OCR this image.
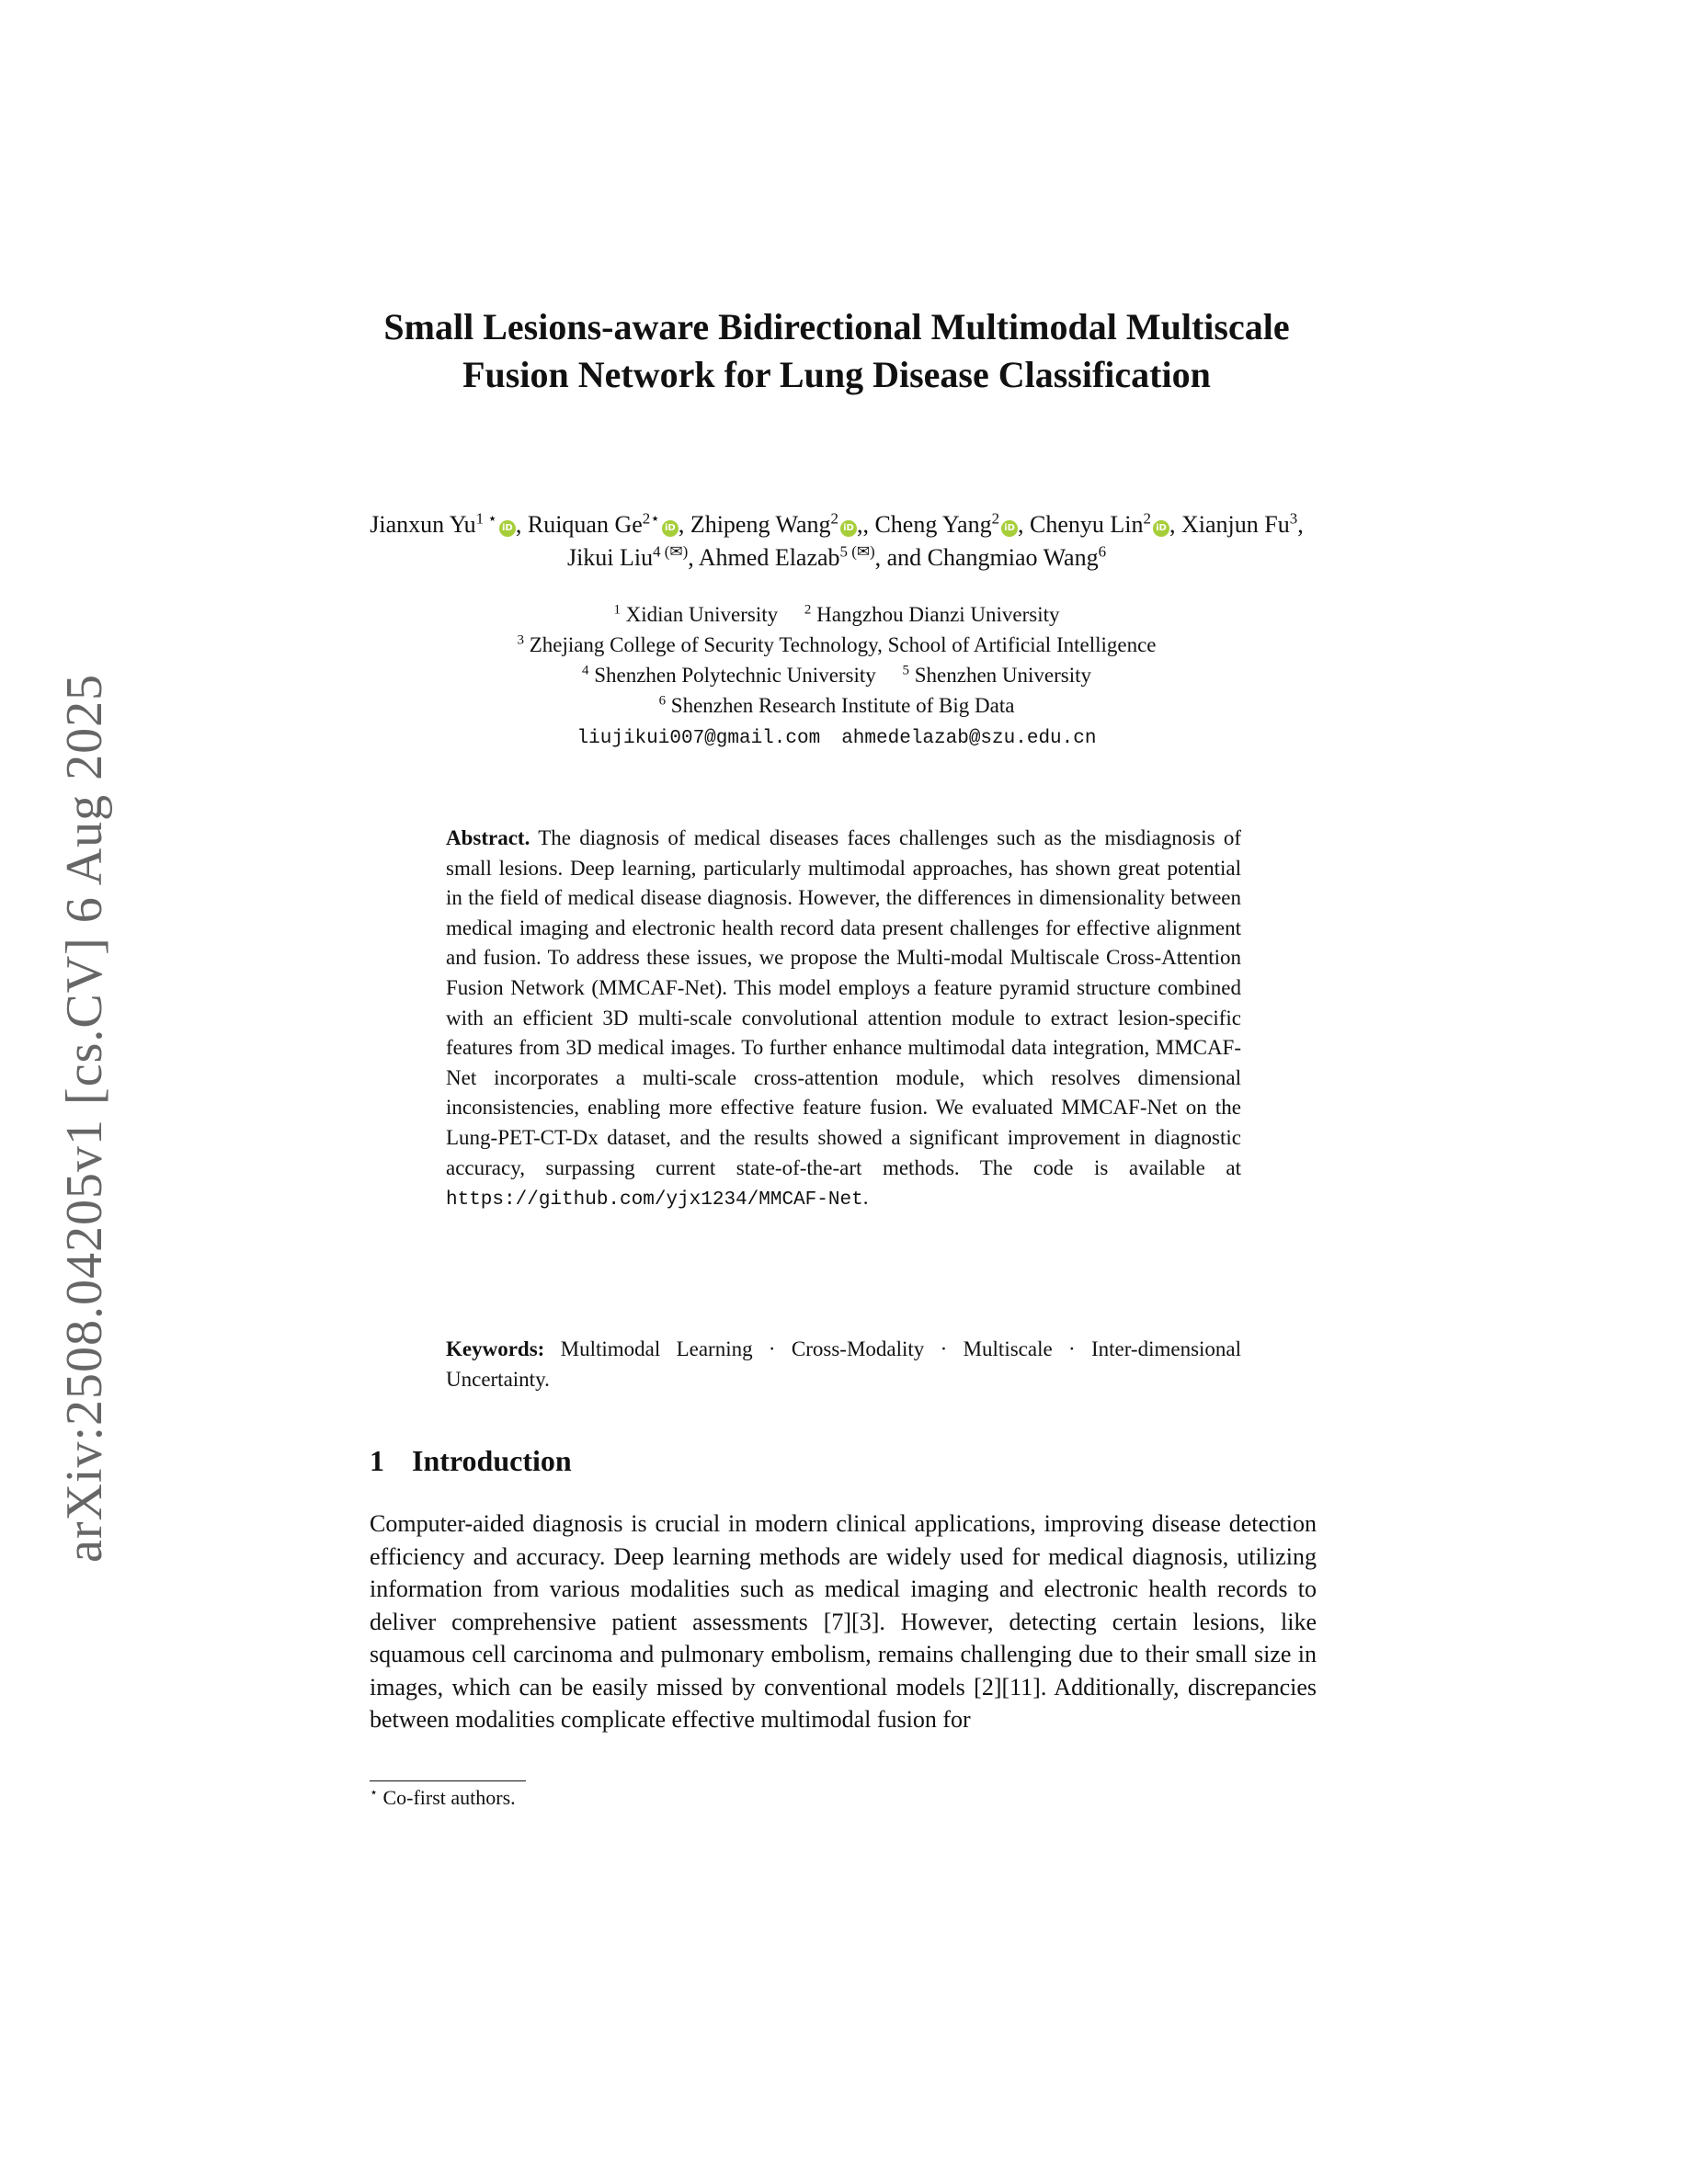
arXiv:2508.04205v1 [cs.CV] 6 Aug 2025
Small Lesions-aware Bidirectional Multimodal Multiscale Fusion Network for Lung Disease Classification
Jianxun $Yu^{1 ⋆}iD$ , Ruiquan $Ge^{2⋆}iD$ , Zhipeng Wang$^2$iD ,, Cheng Yang$^2$iD , Chenyu Lin$^2$iD , Xianjun Fu$^3$, Jikui Liu$^{4 (✉)}$, Ahmed Elazab$^{5 (✉)}$, and Changmiao Wang$^6$
$^1$ Xidian University $^2$ Hangzhou Dianzi University
$^3$ Zhejiang College of Security Technology, School of Artificial Intelligence
$^4$ Shenzhen Polytechnic University $^5$ Shenzhen University
$^6$ Shenzhen Research Institute of Big Data
liujikui007@gmail.com ahmedelazab@szu.edu.cn
Abstract. The diagnosis of medical diseases faces challenges such as the misdiagnosis of small lesions. Deep learning, particularly multimodal approaches, has shown great potential in the field of medical disease diagnosis. However, the differences in dimensionality between medical imaging and electronic health record data present challenges for effective alignment and fusion. To address these issues, we propose the Multi-modal Multiscale Cross-Attention Fusion Network (MMCAF-Net). This model employs a feature pyramid structure combined with an efficient 3D multi-scale convolutional attention module to extract lesion-specific features from 3D medical images. To further enhance multimodal data integration, MMCAF-Net incorporates a multi-scale cross-attention module, which resolves dimensional inconsistencies, enabling more effective feature fusion. We evaluated MMCAF-Net on the Lung-PET-CT-Dx dataset, and the results showed a significant improvement in diagnostic accuracy, surpassing current state-of-the-art methods. The code is available at https://github.com/yjx1234/MMCAF-Net.
Keywords: Multimodal Learning · Cross-Modality · Multiscale · Inter-dimensional Uncertainty.
1 Introduction
Computer-aided diagnosis is crucial in modern clinical applications, improving disease detection efficiency and accuracy. Deep learning methods are widely used for medical diagnosis, utilizing information from various modalities such as medical imaging and electronic health records to deliver comprehensive patient assessments [7][3]. However, detecting certain lesions, like squamous cell carcinoma and pulmonary embolism, remains challenging due to their small size in images, which can be easily missed by conventional models [2][11]. Additionally, discrepancies between modalities complicate effective multimodal fusion for
⋆ Co-first authors.
